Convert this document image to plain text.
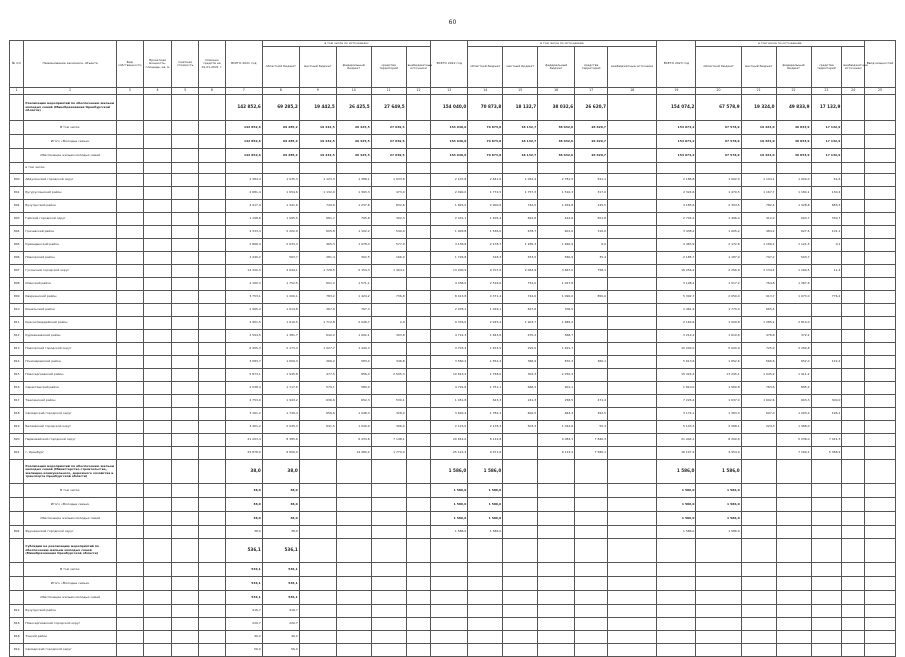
60
№ п/п	Наименование заказчика, объекта	Вид собственности	Проектная мощность, площадь, кв. м	Сметная стоимость	Освоено средств на 01.01.2021 г.	ВСЕГО 2021 год	в том числе по источникам:					ВСЕГО 2022 год	в том числе по источникам:					ВСЕГО 2023 год	в том числе по источникам:					Ввод мощностей
							областной бюджет	местный бюджет	федеральный бюджет	средства территорий	внебюджетные источники		областной бюджет	местный бюджет	федеральный бюджет	средства территорий	внебюджетные источники		областной бюджет	местный бюджет	федеральный бюджет	средства территорий	внебюджетные источники	
1	2	3	4	5	6	7	8	9	10	11	12	13	14	15	16	17	18	19	20	21	22	23	24	25
	Реализация мероприятий по обеспечению жильем молодых семей (Минобразования Оренбургской области)					142 852,6	69 285,2	19 442,5	26 425,5	27 649,5		154 040,0	70 873,8	18 132,7	38 032,6	26 620,7		154 074,2	67 578,9	19 324,0	49 833,9	17 132,9		
	В том числе:					142 852,6	69 285,2	19 442,5	26 425,5	27 649,5		154 040,0	70 873,8	18 132,7	38 032,6	26 620,7		154 074,2	67 578,9	19 324,0	49 833,9	17 132,9		
	Итого «Молодые семьи»					142 852,6	69 285,2	19 442,5	26 425,5	27 649,5		154 040,0	70 873,8	18 132,7	38 032,6	26 620,7		154 074,2	67 578,9	19 324,0	49 833,9	17 132,9		
	Обеспечение жильем молодых семей					142 852,6	69 285,2	19 442,5	26 425,5	27 649,5		154 040,0	70 873,8	18 132,7	38 032,6	26 620,7		154 074,2	67 578,9	19 324,0	49 833,9	17 132,9		
	в том числе:																							
800	Абдулинский городской округ					2 384,4	1 035,3	1 123,3	1 388,1	1 033,8		2 107,8	2 641,6	1 052,4	2 781,5	541,1		2 186,8	1 002,4	1 104,1	1 004,0	61,6		
801	Бугурусланский район					2 681,4	1 654,6	1 132,9	1 393,3	473,0		2 490,0	1 772,5	1 757,3	1 510,3	317,0		2 324,6	1 470,5	1 167,7	1 184,1	130,4		
802	Бузулукский район					4 917,4	1 441,6	749,6	1 237,8	832,6		1 822,0	2 000,6	744,5	1 459,8	245,5		4 185,6	2 304,5	782,4	1 328,8	683,3		
803	Гайский городской округ					1 198,8	1 095,5	681,7	795,8	302,3		2 431,1	1 205,4	822,6	422,6	501,8		2 744,2	1 496,4	412,2	603,7	330,7		
804	Грачевский район					4 333,4	2 202,9	605,8	1 102,2	549,0		1 903,8	1 536,0	678,7	601,6	310,0		3 438,2	1 005,2	484,2	627,6	101,1		
805	Кувандыкский район					2 866,4	2 633,3	465,3	1 078,3	577,0		4 136,8	2 178,7	1 265,3	1 460,9	6,0		4 463,9	2 172,6	1 166,1	1 121,5	0,1		
806	Новоорский район					1 440,2	563,7	281,4	302,5	166,9		1 726,8	318,3	453,5	560,9	35,4		2 185,7	1 187,9	797,2	503,7			
807	Гусинский городской округ					14 320,3	3 644,1	1 726,5	5 154,3	1 404,1		13 200,9	9 707,0	2 063,9	3 667,0	758,1		16 256,2	2 256,9	3 134,4	1 160,5	11,4		
808	Илекский район					2 160,3	1 752,5	601,2	1 571,1			4 438,0	2 516,6	754,0	1 027,8			3 198,2	1 517,2	764,8	1 367,6			
809	Кваркенский район					3 753,1	1 200,1	783,2	1 424,2	736,8		8 413,8	4 371,4	744,0	1 090,0	850,0		5 302,7	2 050,4	913,7	1 073,0	776,2		
810	Кинельский район					2 965,4	1 614,8	367,0	767,3			2 078,1	1 029,1	627,6	706,5			2 461,9	1 770,4	665,4				
811	Красногвардейский район					4 901,5	1 610,5	1 712,8	2 046,7	2,0		9 376,0	2 925,2	1 903,7	1 685,2			2 160,6	1 009,8	1 285,2	2 810,0			
812	Курманаевский район					2 594,5	1 381,7	642,2	1 002,1	303,8		4 712,3	1 643,6	470,2	568,7			3 214,2	1 610,6	476,6	372,2			
813	Новоорский городской округ					6 455,3	2 173,3	1 027,7	1 440,3			3 703,4	1 674,5	295,0	1 491,7			10 200,0	5 020,9	725,9	2 260,8			
814	Пономаревский район					3 083,7	1 609,3	266,2	583,4	346,8		3 560,2	1 552,4	366,9	870,3	360,1		5 613,6	1 652,6	566,6	652,0	122,2		
815	Новосергиевский район					5 873,1	1 945,8	477,5	856,4	2 595,3		10 813,4	1 758,0	302,3	2 250,3			15 324,4	13 245,1	1 045,2	1 911,2			
816	Саракташский район					2 038,4	1 117,6	579,1	580,0			4 791,6	1 751,1	666,3	901,1			1 810,0	1 560,8	783,6	895,2			
817	Ташлинский район					2 753,0	1 943,2	636,6	652,3	530,1		1 451,8	623,3	241,3	258,5	471,4		7 226,4	1 637,0	1 602,6	603,3	300,0		
818	Сакмарский городской округ					3 161,2	1 749,4	656,6	1 048,3	328,0		3 620,4	1 782,3	600,5	663,3	392,5		3 174,1	1 363,3	697,0	1 003,2	196,1		
819	Беляевский городской округ					3 401,2	2 045,3	641,5	1 049,9	306,4		2 123,0	2 178,3	503,3	1 022,6	55,3		5 143,3	2 068,1	224,3	1 468,0			
820	Первомайский городской округ					21 203,4	8 385,6		6 233,6	7 148,1		20 812,0	8 112,8		4 083,1	7 840,3		21 004,1	8 200,6		5 238,0	7 441,3		
821	г. Оренбург					25 878,0	9 800,0		14 480,2	1 770,4		25 121,4	9 971,6		9 113,4	7 580,1		16 147,4	3 454,4		7 169,1	5 368,2		
	Реализация мероприятий по обеспечению жильем молодых семей (Министерство строительства, жилищно-коммунального, дорожного хозяйства и транспорта Оренбургской области)					38,0	38,0					1 586,0	1 586,0					1 586,0	1 586,0					
	В том числе:					38,0	38,0					1 586,0	1 586,0					1 586,0	1 586,0					
	Итого «Молодые семьи»					38,0	38,0					1 586,0	1 586,0					1 586,0	1 586,0					
	Обеспечение жильем молодых семей					38,0	38,0					1 586,0	1 586,0					1 586,0	1 586,0					
842	Фрунзенский городской округ					38,0	38,0					1 586,0	1 586,0					1 586,0	1 586,0					
	Субсидии на реализацию мероприятий по обеспечению жильем молодых семей (Минобразования Оренбургской области)					536,1	536,1																	
	В том числе:					536,1	536,1																	
	Итого «Молодые семьи»					536,1	536,1																	
	Обеспечение жильем молодых семей					536,1	536,1																	
812	Бузулукский район					416,7	416,7																	
816	Новосергиевский городской округ					220,7	220,7																	
818	Тоцкий район					40,2	40,2																	
819	Сакмарский городской округ					56,0	56,0																	
